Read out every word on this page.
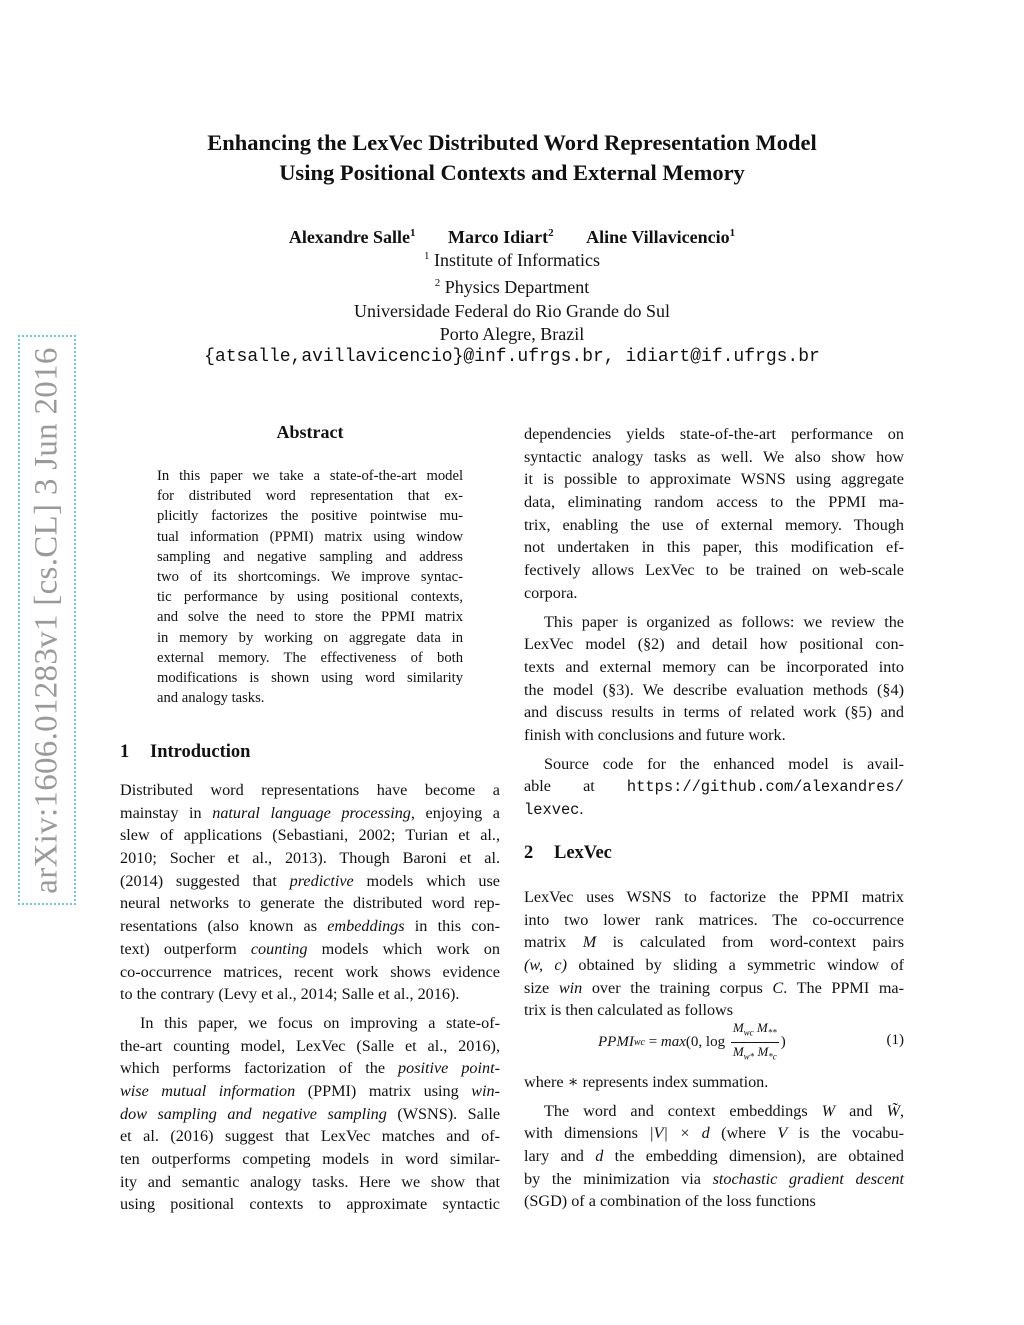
arXiv:1606.01283v1 [cs.CL] 3 Jun 2016
Enhancing the LexVec Distributed Word Representation Model
Using Positional Contexts and External Memory
Alexandre Salle$^1$ Marco Idiart$^2$ Aline Villavicencio$^1$
$^1$ Institute of Informatics
$^2$ Physics Department
Universidade Federal do Rio Grande do Sul
Porto Alegre, Brazil
{atsalle,avillavicencio}@inf.ufrgs.br, idiart@if.ufrgs.br
Abstract
In this paper we take a state-of-the-art model
for distributed word representation that ex-
plicitly factorizes the positive pointwise mu-
tual information (PPMI) matrix using window
sampling and negative sampling and address
two of its shortcomings. We improve syntac-
tic performance by using positional contexts,
and solve the need to store the PPMI matrix
in memory by working on aggregate data in
external memory. The effectiveness of both
modifications is shown using word similarity
and analogy tasks.
1 Introduction
Distributed word representations have become a
mainstay in natural language processing, enjoying a
slew of applications (Sebastiani, 2002; Turian et al.,
2010; Socher et al., 2013). Though Baroni et al.
(2014) suggested that predictive models which use
neural networks to generate the distributed word rep-
resentations (also known as embeddings in this con-
text) outperform counting models which work on
co-occurrence matrices, recent work shows evidence
to the contrary (Levy et al., 2014; Salle et al., 2016).
In this paper, we focus on improving a state-of-
the-art counting model, LexVec (Salle et al., 2016),
which performs factorization of the positive point-
wise mutual information (PPMI) matrix using win-
dow sampling and negative sampling (WSNS). Salle
et al. (2016) suggest that LexVec matches and of-
ten outperforms competing models in word similar-
ity and semantic analogy tasks. Here we show that
using positional contexts to approximate syntactic
dependencies yields state-of-the-art performance on
syntactic analogy tasks as well. We also show how
it is possible to approximate WSNS using aggregate
data, eliminating random access to the PPMI ma-
trix, enabling the use of external memory. Though
not undertaken in this paper, this modification ef-
fectively allows LexVec to be trained on web-scale
corpora.
This paper is organized as follows: we review the
LexVec model (§2) and detail how positional con-
texts and external memory can be incorporated into
the model (§3). We describe evaluation methods (§4)
and discuss results in terms of related work (§5) and
finish with conclusions and future work.
Source code for the enhanced model is avail-
able at https://github.com/alexandres/
lexvec.
2 LexVec
LexVec uses WSNS to factorize the PPMI matrix
into two lower rank matrices. The co-occurrence
matrix M is calculated from word-context pairs
(w, c) obtained by sliding a symmetric window of
size win over the training corpus C. The PPMI ma-
trix is then calculated as follows
PPMI wc = max (0, $\log \frac{M_{wc} M_{**}}{M_{w*} M_{*c}}$ )	(1)
where ∗ represents index summation.
The word and context embeddings W and W̃,
with dimensions |V| × d (where V is the vocabu-
lary and d the embedding dimension), are obtained
by the minimization via stochastic gradient descent
(SGD) of a combination of the loss functions
